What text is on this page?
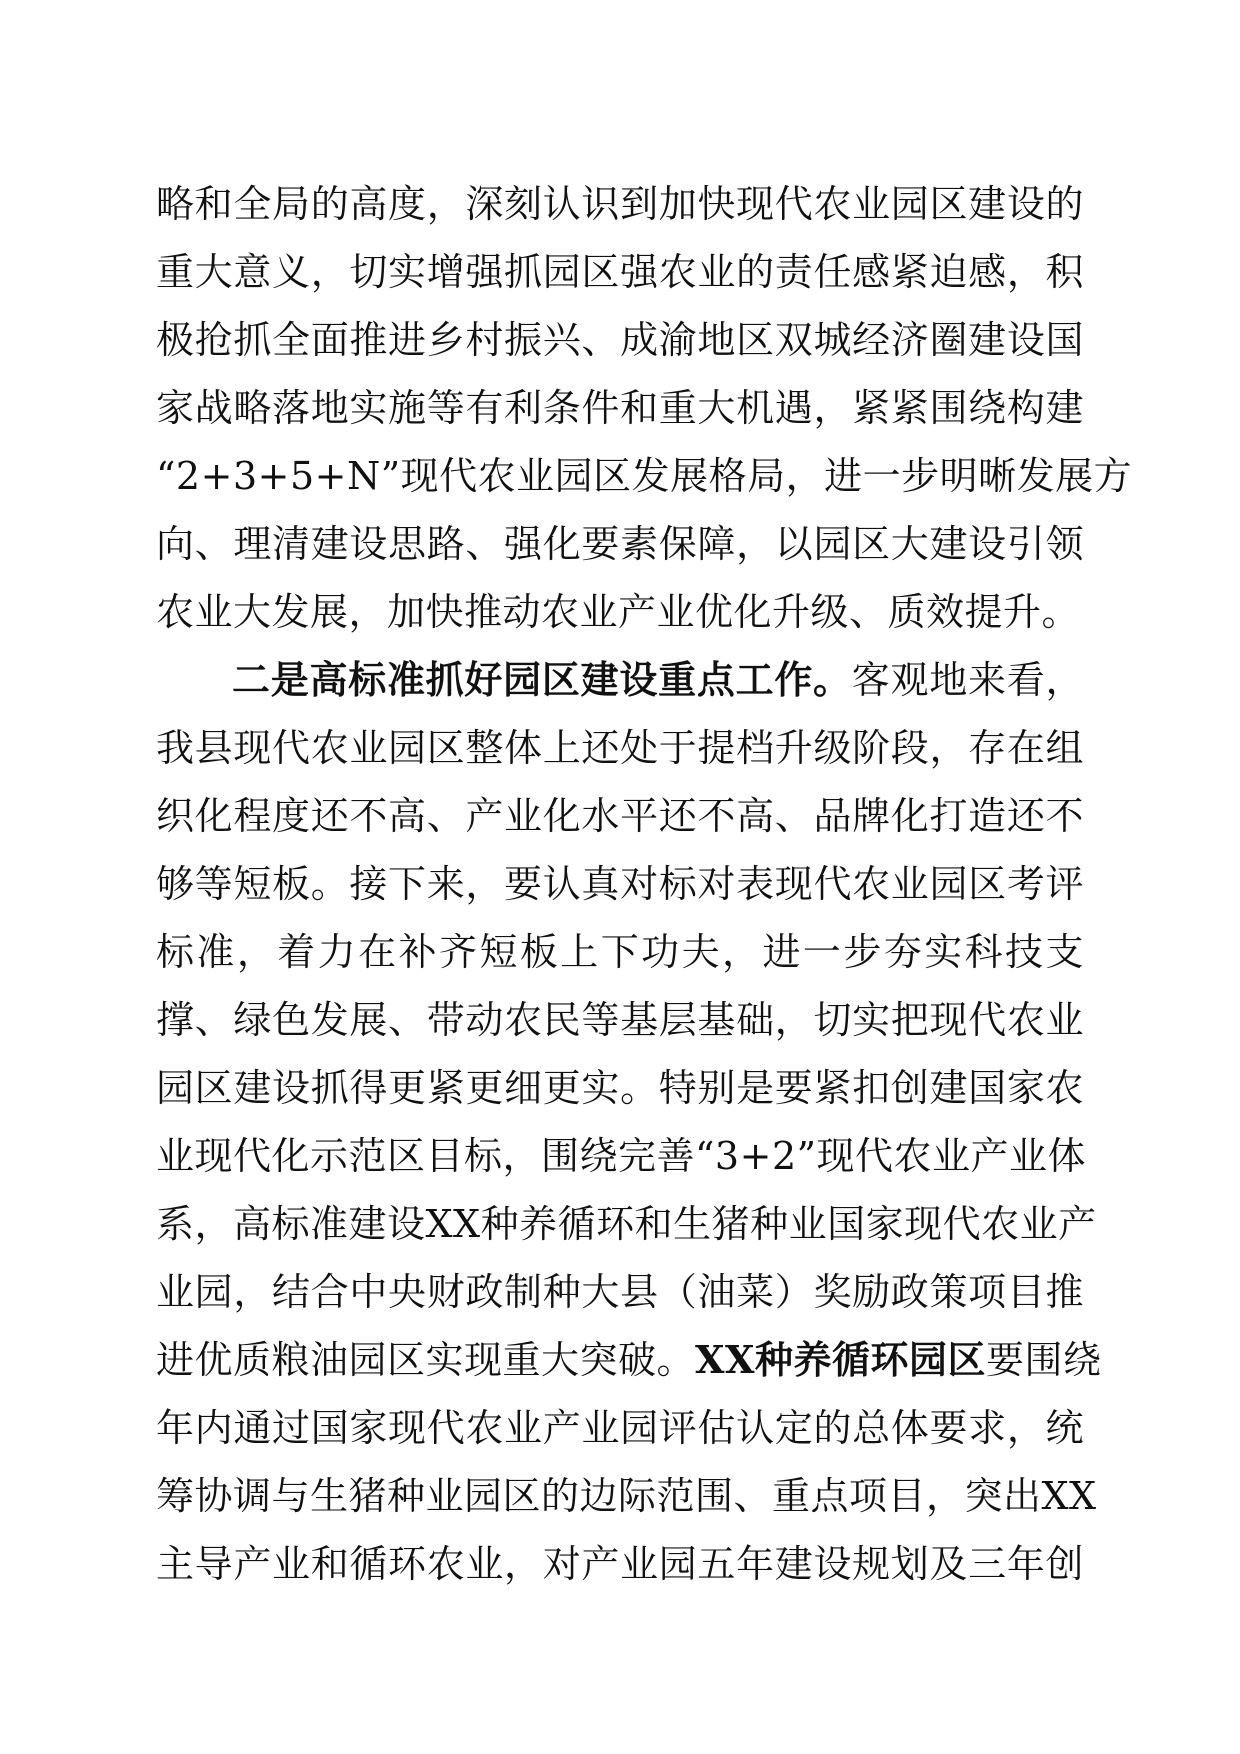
略和全局的高度，深刻认识到加快现代农业园区建设的
重大意义，切实增强抓园区强农业的责任感紧迫感，积
极抢抓全面推进乡村振兴、成渝地区双城经济圈建设国
家战略落地实施等有利条件和重大机遇，紧紧围绕构建
“2+3+5+N”现代农业园区发展格局，进一步明晰发展方
向、理清建设思路、强化要素保障，以园区大建设引领
农业大发展，加快推动农业产业优化升级、质效提升。
二是高标准抓好园区建设重点工作。客观地来看，
我县现代农业园区整体上还处于提档升级阶段，存在组
织化程度还不高、产业化水平还不高、品牌化打造还不
够等短板。接下来，要认真对标对表现代农业园区考评
标准，着力在补齐短板上下功夫，进一步夯实科技支
撑、绿色发展、带动农民等基层基础，切实把现代农业
园区建设抓得更紧更细更实。特别是要紧扣创建国家农
业现代化示范区目标，围绕完善“3+2”现代农业产业体
系，高标准建设XX种养循环和生猪种业国家现代农业产
业园，结合中央财政制种大县（油菜）奖励政策项目推
进优质粮油园区实现重大突破。XX种养循环园区要围绕
年内通过国家现代农业产业园评估认定的总体要求，统
筹协调与生猪种业园区的边际范围、重点项目，突出XX
主导产业和循环农业，对产业园五年建设规划及三年创
